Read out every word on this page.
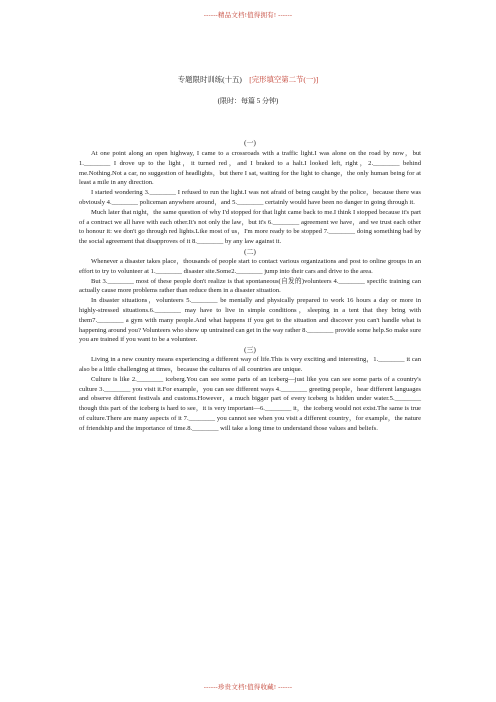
------精品文档!值得拥有! ------
专题限时训练(十五) [完形填空第二节(一)]
(限时：每篇 5 分钟)
(一)

At one point along an open highway, I came to a crossroads with a traffic light.I was alone on the road by now，but 1.________ I drove up to the light，it turned red，and I braked to a halt.I looked left, right，2.________ behind me.Nothing.Not a car, no suggestion of headlights，but there I sat, waiting for the light to change，the only human being for at least a mile in any direction.

I started wondering 3.________ I refused to run the light.I was not afraid of being caught by the police，because there was obviously 4.________ policeman anywhere around，and 5.________ certainly would have been no danger in going through it.

Much later that night，the same question of why I'd stopped for that light came back to me.I think I stopped because it's part of a contract we all have with each other.It's not only the law，but it's 6.________ agreement we have，and we trust each other to honour it: we don't go through red lights.Like most of us，I'm more ready to be stopped 7.________ doing something bad by the social agreement that disapproves of it 8.________ by any law against it.

(二)

Whenever a disaster takes place，thousands of people start to contact various organizations and post to online groups in an effort to try to volunteer at 1.________ disaster site.Some2.________ jump into their cars and drive to the area.

But 3.________ most of these people don't realize is that spontaneous(自发的)volunteers 4.________ specific training can actually cause more problems rather than reduce them in a disaster situation.

In disaster situations，volunteers 5.________ be mentally and physically prepared to work 16 hours a day or more in highly-stressed situations.6.________ may have to live in simple conditions，sleeping in a tent that they bring with them7.________ a gym with many people.And what happens if you get to the situation and discover you can't handle what is happening around you? Volunteers who show up untrained can get in the way rather 8.________ provide some help.So make sure you are trained if you want to be a volunteer.

(三)

Living in a new country means experiencing a different way of life.This is very exciting and interesting，1.________ it can also be a little challenging at times，because the cultures of all countries are unique.

Culture is like 2.________ iceberg.You can see some parts of an iceberg—just like you can see some parts of a country's culture 3.________ you visit it.For example，you can see different ways 4.________ greeting people，hear different languages and observe different festivals and customs.However，a much bigger part of every iceberg is hidden under water.5.________ though this part of the iceberg is hard to see，it is very important—6.________ it，the iceberg would not exist.The same is true of culture.There are many aspects of it 7.________ you cannot see when you visit a different country，for example，the nature of friendship and the importance of time.8.________ will take a long time to understand those values and beliefs.

------珍贵文档!值得收藏! ------
